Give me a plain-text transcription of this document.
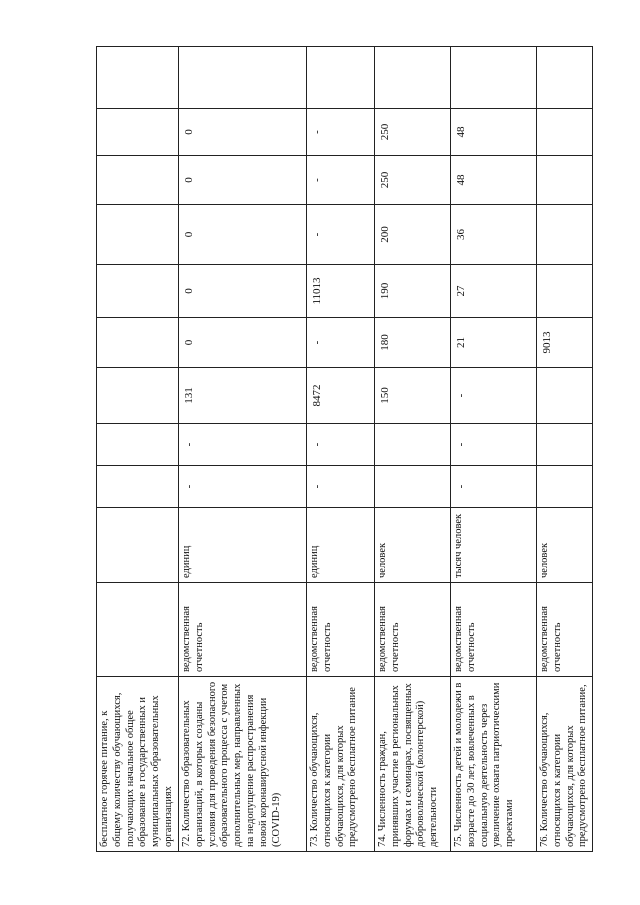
бесплатное горячее питание, к общему количеству обучающихся, получающих начальное общее образование в государственных и муниципальных образовательных организациях											
72. Количество образовательных организаций, в которых созданы условия для проведения безопасного образовательного процесса с учетом дополнительных мер, направленных на недопущение распространения новой коронавирусной инфекции (COVID-19)	ведомственная отчетность	единиц	-	-	131	0	0	0	0	0	
73. Количество обучающихся, относящихся к категории обучающихся, для которых предусмотрено бесплатное питание	ведомственная отчетность	единиц	-	-	8472	-	11013	-	-	-	
74. Численность граждан, принявших участие в региональных форумах и семинарах, посвященных добровольческой (волонтерской) деятельности	ведомственная отчетность	человек			150	180	190	200	250	250	
75. Численность детей и молодежи в возрасте до 30 лет, вовлеченных в социальную деятельность через увеличение охвата патриотическими проектами	ведомственная отчетность	тысяч человек	-	-	-	21	27	36	48	48	
76. Количество обучающихся, относящихся к категории обучающихся, для которых предусмотрено бесплатное питание,	ведомственная отчетность	человек				9013					
